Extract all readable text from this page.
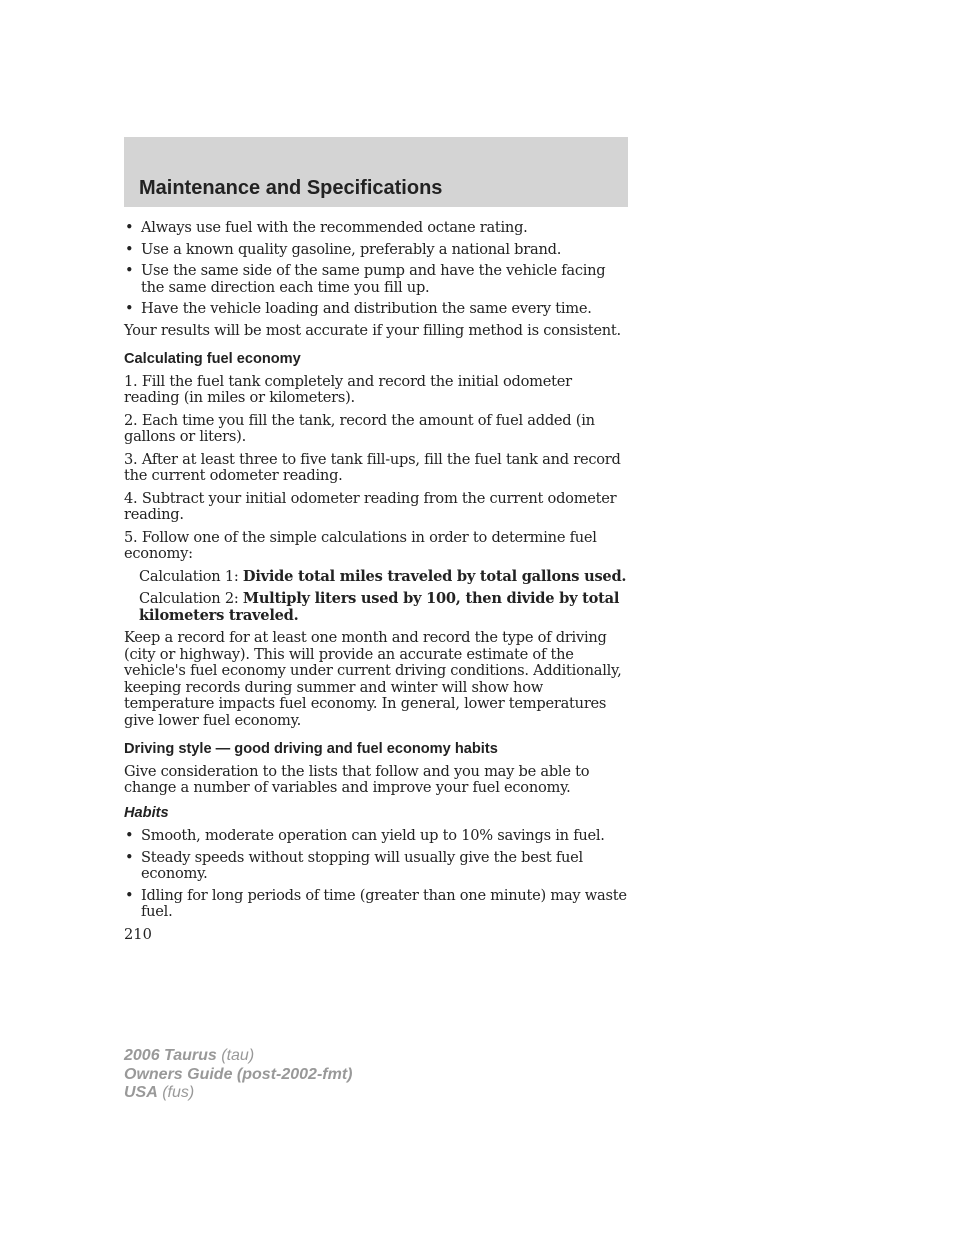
Maintenance and Specifications
• Always use fuel with the recommended octane rating.
• Use a known quality gasoline, preferably a national brand.
• Use the same side of the same pump and have the vehicle facing the same direction each time you fill up.
• Have the vehicle loading and distribution the same every time.

Your results will be most accurate if your filling method is consistent.

Calculating fuel economy

1. Fill the fuel tank completely and record the initial odometer reading (in miles or kilometers).

2. Each time you fill the tank, record the amount of fuel added (in gallons or liters).

3. After at least three to five tank fill-ups, fill the fuel tank and record the current odometer reading.

4. Subtract your initial odometer reading from the current odometer reading.

5. Follow one of the simple calculations in order to determine fuel economy:

Calculation 1: Divide total miles traveled by total gallons used.

Calculation 2: Multiply liters used by 100, then divide by total kilometers traveled.

Keep a record for at least one month and record the type of driving (city or highway). This will provide an accurate estimate of the vehicle's fuel economy under current driving conditions. Additionally, keeping records during summer and winter will show how temperature impacts fuel economy. In general, lower temperatures give lower fuel economy.

Driving style — good driving and fuel economy habits

Give consideration to the lists that follow and you may be able to change a number of variables and improve your fuel economy.

Habits
• Smooth, moderate operation can yield up to 10% savings in fuel.
• Steady speeds without stopping will usually give the best fuel economy.
• Idling for long periods of time (greater than one minute) may waste fuel.
210
2006 Taurus (tau)
Owners Guide (post-2002-fmt)
USA (fus)
